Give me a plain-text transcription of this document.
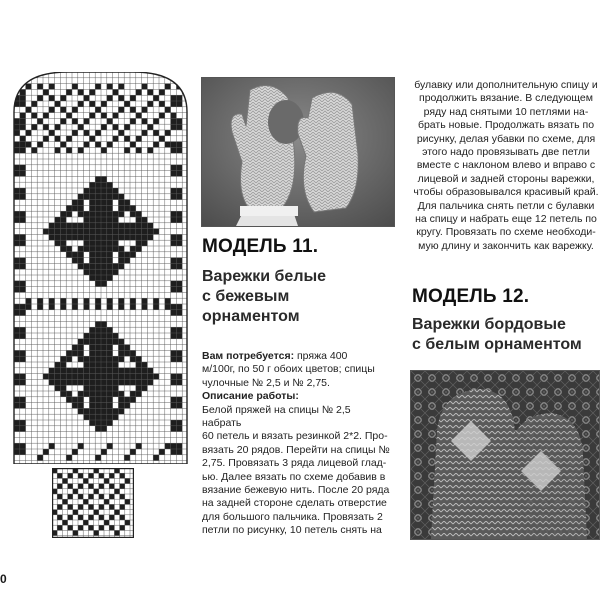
МОДЕЛЬ 11.
Варежки белые
с бежевым
орнаментом

Вам потребуется: пряжа 400

м/100г, по 50 г обоих цветов; спицы

чулочные № 2,5 и № 2,75.

Описание работы:

Белой пряжей на спицы № 2,5 набрать

60 петель и вязать резинкой 2*2. Про-

вязать 20 рядов. Перейти на спицы №

2,75. Провязать 3 ряда лицевой глад-

ью. Далее вязать по схеме добавив в

вязание бежевую нить. После 20 ряда

на задней стороне сделать отверстие

для большого пальчика. Провязать 2

петли по рисунку, 10 петель снять на

булавку или дополнительную спицу и

продолжить вязание. В следующем

ряду над снятыми 10 петлями на-

брать новые. Продолжать вязать по

рисунку, делая убавки по схеме, для

этого надо провязывать две петли

вместе с наклоном влево и вправо с

лицевой и задней стороны варежки,

чтобы образовывался красивый край.

Для пальчика снять петли с булавки

на спицу и набрать еще 12 петель по

кругу. Провязать по схеме необходи-

мую длину и закончить как варежку.

МОДЕЛЬ 12.
Варежки бордовые
с белым орнаментом
0
